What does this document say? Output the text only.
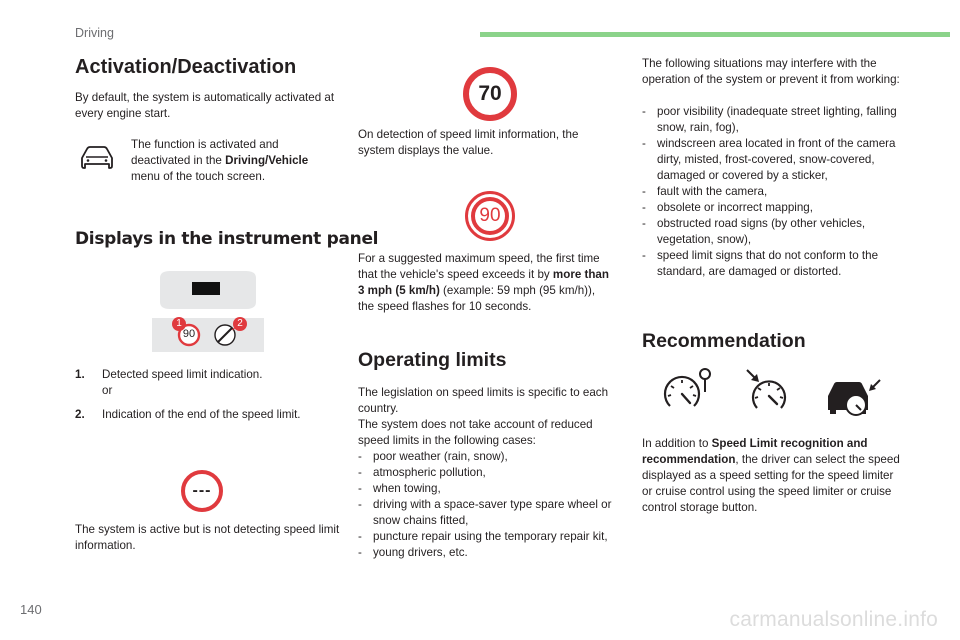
Driving
Activation/Deactivation
By default, the system is automatically activated at every engine start.
The function is activated and deactivated in the Driving/Vehicle menu of the touch screen.
Displays in the instrument panel
1	2
90
1. Detected speed limit indication.
or
2. Indication of the end of the speed limit.
---
The system is active but is not detecting speed limit information.
70
On detection of speed limit information, the system displays the value.
90
For a suggested maximum speed, the first time that the vehicle's speed exceeds it by more than 3 mph (5 km/h) (example: 59 mph (95 km/h)), the speed flashes for 10 seconds.
Operating limits
The legislation on speed limits is specific to each country.
The system does not take account of reduced speed limits in the following cases:
- poor weather (rain, snow),
- atmospheric pollution,
- when towing,
- driving with a space-saver type spare wheel or snow chains fitted,
- puncture repair using the temporary repair kit,
- young drivers, etc.
The following situations may interfere with the operation of the system or prevent it from working:
- poor visibility (inadequate street lighting, falling snow, rain, fog),
- windscreen area located in front of the camera dirty, misted, frost-covered, snow-covered, damaged or covered by a sticker,
- fault with the camera,
- obsolete or incorrect mapping,
- obstructed road signs (by other vehicles, vegetation, snow),
- speed limit signs that do not conform to the standard, are damaged or distorted.
Recommendation
In addition to Speed Limit recognition and recommendation, the driver can select the speed displayed as a speed setting for the speed limiter or cruise control using the speed limiter or cruise control storage button.
140	carmanualsonline.info
